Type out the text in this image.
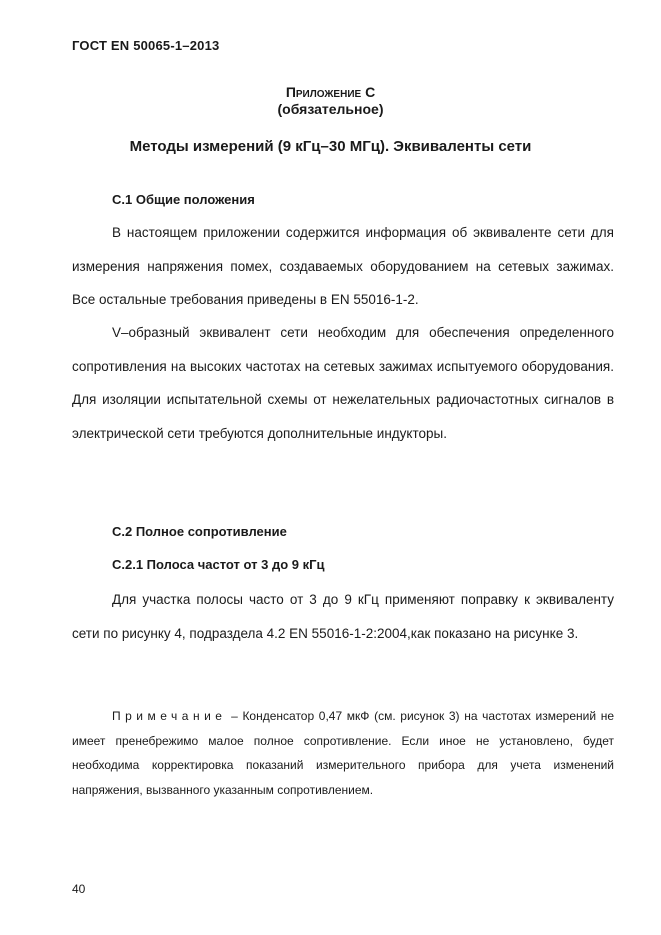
ГОСТ EN 50065-1–2013
Приложение С
(обязательное)
Методы измерений (9 кГц–30 МГц). Эквиваленты сети
С.1 Общие положения

В настоящем приложении содержится информация об эквиваленте сети для измерения напряжения помех, создаваемых оборудованием на сетевых зажимах. Все остальные требования приведены в EN 55016-1-2.

V–образный эквивалент сети необходим для обеспечения определенного сопротивления на высоких частотах на сетевых зажимах испытуемого оборудования. Для изоляции испытательной схемы от нежелательных радиочастотных сигналов в электрической сети требуются дополнительные индукторы.

С.2 Полное сопротивление
С.2.1 Полоса частот от 3 до 9 кГц

Для участка полосы часто от 3 до 9 кГц применяют поправку к эквиваленту сети по рисунку 4, подраздела 4.2 EN 55016-1-2:2004,как показано на рисунке 3.

Примечание – Конденсатор 0,47 мкФ (см. рисунок 3) на частотах измерений не имеет пренебрежимо малое полное сопротивление. Если иное не установлено, будет необходима корректировка показаний измерительного прибора для учета изменений напряжения, вызванного указанным сопротивлением.

40
